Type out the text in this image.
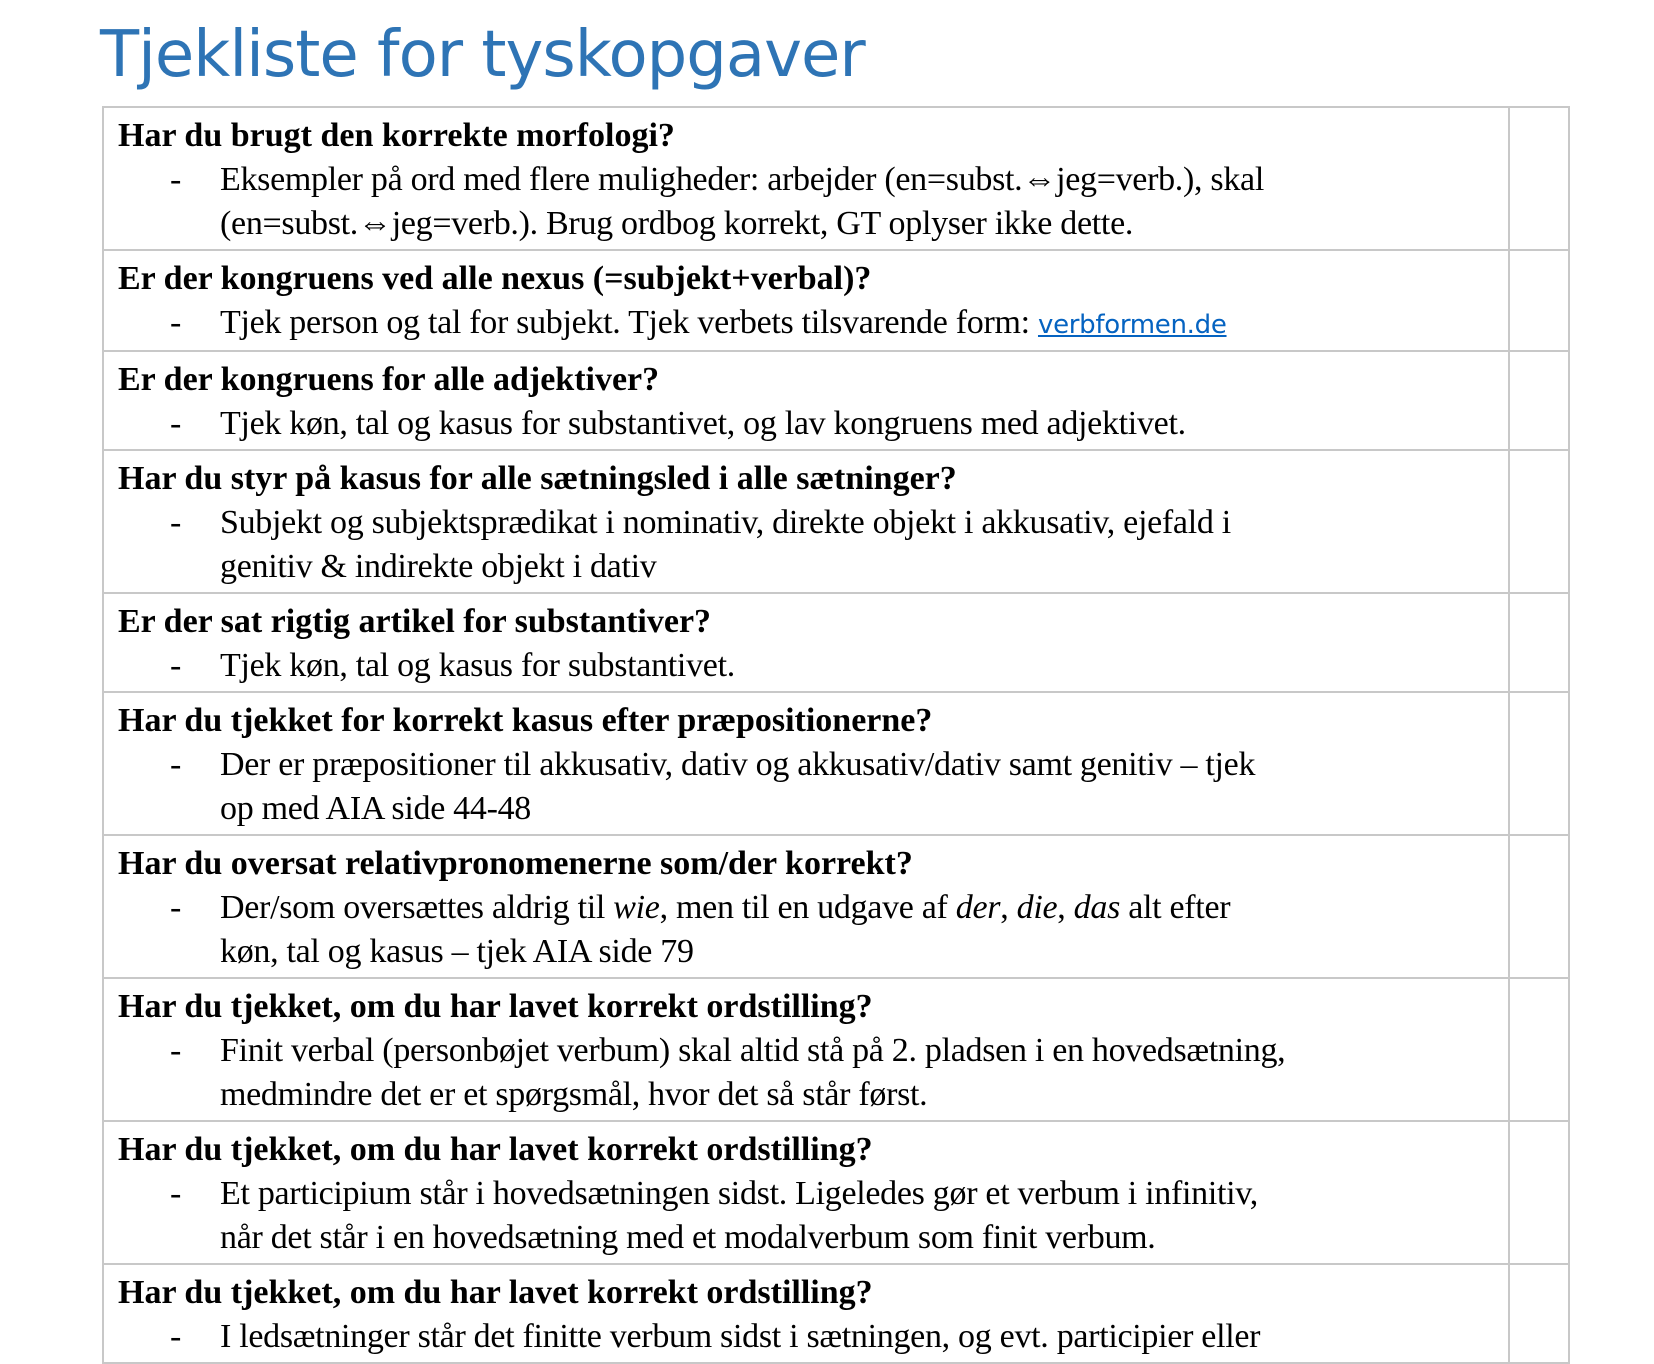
Tjekliste for tyskopgaver
Har du brugt den korrekte morfologi?
- Eksempler på ord med flere muligheder: arbejder (en=subst.⇔jeg=verb.), skal
(en=subst.⇔jeg=verb.). Brug ordbog korrekt, GT oplyser ikke dette.	

Er der kongruens ved alle nexus (=subjekt+verbal)?
- Tjek person og tal for subjekt. Tjek verbets tilsvarende form: verbformen.de	

Er der kongruens for alle adjektiver?
- Tjek køn, tal og kasus for substantivet, og lav kongruens med adjektivet.	

Har du styr på kasus for alle sætningsled i alle sætninger?
- Subjekt og subjektsprædikat i nominativ, direkte objekt i akkusativ, ejefald i
genitiv & indirekte objekt i dativ	

Er der sat rigtig artikel for substantiver?
- Tjek køn, tal og kasus for substantivet.	

Har du tjekket for korrekt kasus efter præpositionerne?
- Der er præpositioner til akkusativ, dativ og akkusativ/dativ samt genitiv – tjek
op med AIA side 44-48	

Har du oversat relativpronomenerne som/der korrekt?
- Der/som oversættes aldrig til wie, men til en udgave af der, die, das alt efter
køn, tal og kasus – tjek AIA side 79	

Har du tjekket, om du har lavet korrekt ordstilling?
- Finit verbal (personbøjet verbum) skal altid stå på 2. pladsen i en hovedsætning,
medmindre det er et spørgsmål, hvor det så står først.	

Har du tjekket, om du har lavet korrekt ordstilling?
- Et participium står i hovedsætningen sidst. Ligeledes gør et verbum i infinitiv,
når det står i en hovedsætning med et modalverbum som finit verbum.	

Har du tjekket, om du har lavet korrekt ordstilling?
- I ledsætninger står det finitte verbum sidst i sætningen, og evt. participier eller	
